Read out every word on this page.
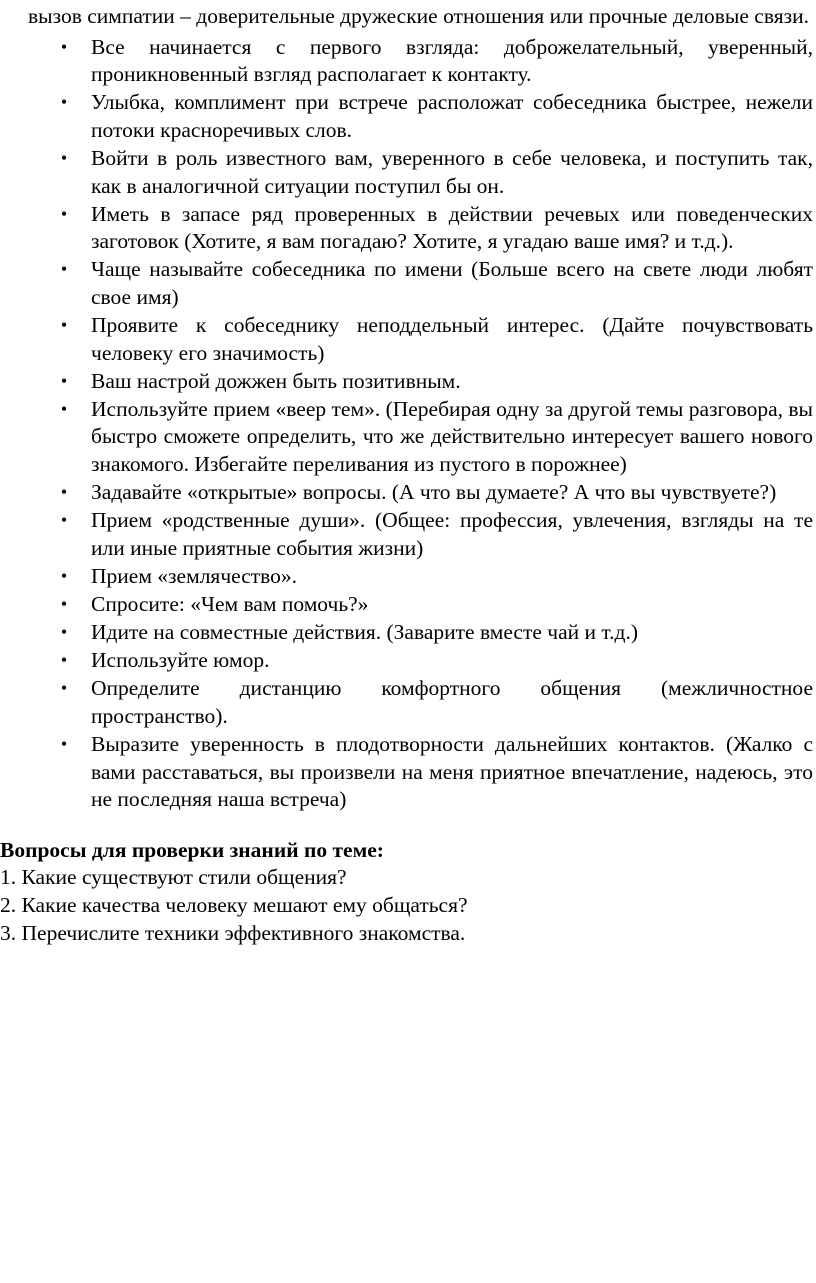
вызов симпатии – доверительные дружеские отношения или прочные деловые связи.

• Все начинается с первого взгляда: доброжелательный, уверенный, проникновенный взгляд располагает к контакту.
• Улыбка, комплимент при встрече расположат собеседника быстрее, нежели потоки красноречивых слов.
• Войти в роль известного вам, уверенного в себе человека, и поступить так, как в аналогичной ситуации поступил бы он.
• Иметь в запасе ряд проверенных в действии речевых или поведенческих заготовок (Хотите, я вам погадаю? Хотите, я угадаю ваше имя? и т.д.).
• Чаще называйте собеседника по имени (Больше всего на свете люди любят свое имя)
• Проявите к собеседнику неподдельный интерес. (Дайте почувствовать человеку его значимость)
• Ваш настрой дожжен быть позитивным.
• Используйте прием «веер тем». (Перебирая одну за другой темы разговора, вы быстро сможете определить, что же действительно интересует вашего нового знакомого. Избегайте переливания из пустого в порожнее)
• Задавайте «открытые» вопросы. (А что вы думаете? А что вы чувствуете?)
• Прием «родственные души». (Общее: профессия, увлечения, взгляды на те или иные приятные события жизни)
• Прием «землячество».
• Спросите: «Чем вам помочь?»
• Идите на совместные действия. (Заварите вместе чай и т.д.)
• Используйте юмор.
• Определите дистанцию комфортного общения (межличностное пространство).
• Выразите уверенность в плодотворности дальнейших контактов. (Жалко с вами расставаться, вы произвели на меня приятное впечатление, надеюсь, это не последняя наша встреча)

Вопросы для проверки знаний по теме:

1. Какие существуют стили общения?
2. Какие качества человеку мешают ему общаться?
3. Перечислите техники эффективного знакомства.
